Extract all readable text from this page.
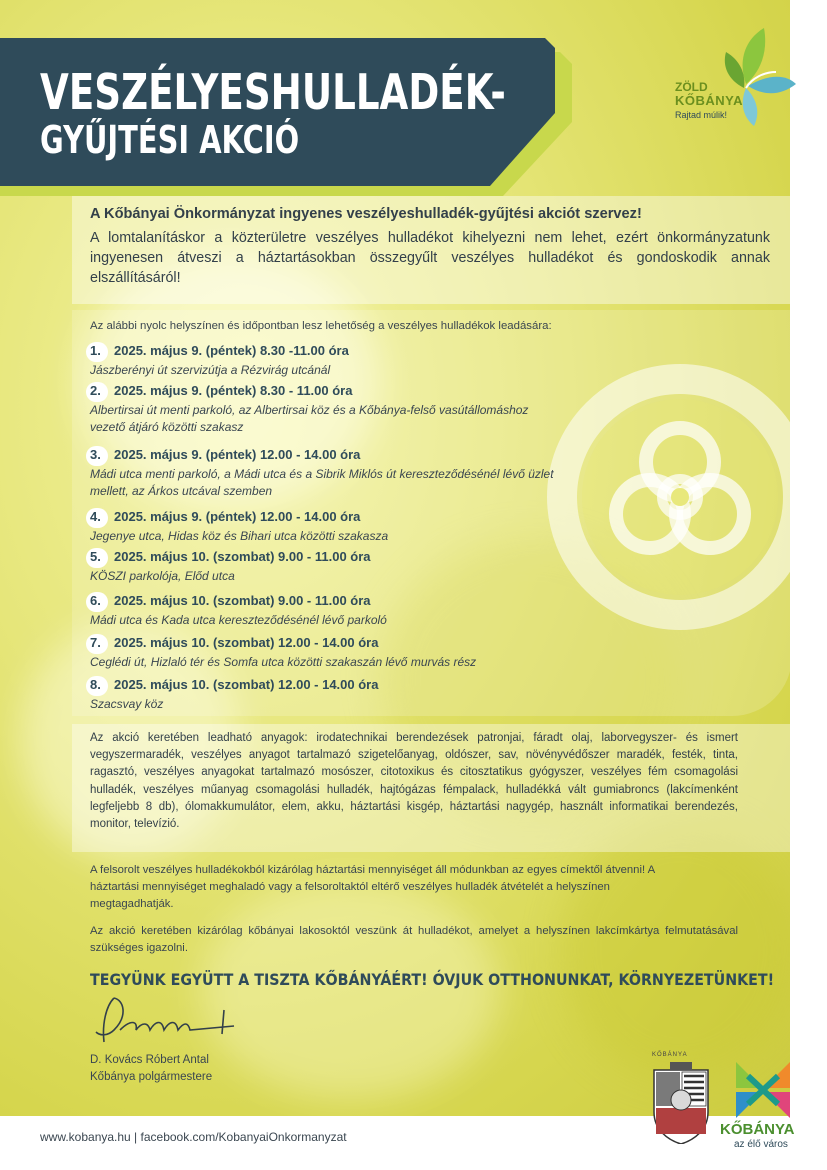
VESZÉLYESHULLADÉK-
GYŰJTÉSI AKCIÓ
ZÖLD
KŐBÁNYA
Rajtad múlik!
A Kőbányai Önkormányzat ingyenes veszélyeshulladék-gyűjtési akciót szervez!
A lomtalanításkor a közterületre veszélyes hulladékot kihelyezni nem lehet, ezért önkormányzatunk ingyenesen átveszi a háztartásokban összegyűlt veszélyes hulladékot és gondoskodik annak elszállításáról!
Az alábbi nyolc helyszínen és időpontban lesz lehetőség a veszélyes hulladékok leadására:
1. 2025. május 9. (péntek) 8.30 -11.00 óra
Jászberényi út szervizútja a Rézvirág utcánál
2. 2025. május 9. (péntek) 8.30 - 11.00 óra
Albertirsai út menti parkoló, az Albertirsai köz és a Kőbánya-felső vasútállomáshoz vezető átjáró közötti szakasz
3. 2025. május 9. (péntek) 12.00 - 14.00 óra
Mádi utca menti parkoló, a Mádi utca és a Sibrik Miklós út kereszteződésénél lévő üzlet mellett, az Árkos utcával szemben
4. 2025. május 9. (péntek) 12.00 - 14.00 óra
Jegenye utca, Hidas köz és Bihari utca közötti szakasza
5. 2025. május 10. (szombat) 9.00 - 11.00 óra
KÖSZI parkolója, Előd utca
6. 2025. május 10. (szombat) 9.00 - 11.00 óra
Mádi utca és Kada utca kereszteződésénél lévő parkoló
7. 2025. május 10. (szombat) 12.00 - 14.00 óra
Ceglédi út, Hizlaló tér és Somfa utca közötti szakaszán lévő murvás rész
8. 2025. május 10. (szombat) 12.00 - 14.00 óra
Szacsvay köz
Az akció keretében leadható anyagok: irodatechnikai berendezések patronjai, fáradt olaj, laborvegyszer- és ismert vegyszermaradék, veszélyes anyagot tartalmazó szigetelőanyag, oldószer, sav, növényvédőszer maradék, festék, tinta, ragasztó, veszélyes anyagokat tartalmazó mosószer, citotoxikus és citosztatikus gyógyszer, veszélyes fém csomagolási hulladék, veszélyes műanyag csomagolási hulladék, hajtógázas fémpalack, hulladékká vált gumiabroncs (lakcímenként legfeljebb 8 db), ólomakkumulátor, elem, akku, háztartási kisgép, háztartási nagygép, használt informatikai berendezés, monitor, televízió.
A felsorolt veszélyes hulladékokból kizárólag háztartási mennyiséget áll módunkban az egyes címektől átvenni! A háztartási mennyiséget meghaladó vagy a felsoroltaktól eltérő veszélyes hulladék átvételét a helyszínen megtagadhatják.
Az akció keretében kizárólag kőbányai lakosoktól veszünk át hulladékot, amelyet a helyszínen lakcímkártya felmutatásával szükséges igazolni.
TEGYÜNK EGYÜTT A TISZTA KŐBÁNYÁÉRT! ÓVJUK OTTHONUNKAT, KÖRNYEZETÜNKET!
D. Kovács Róbert Antal
Kőbánya polgármestere
www.kobanya.hu | facebook.com/KobanyaiOnkormanyzat
KŐBÁNYA
KŐBÁNYA
az élő város
